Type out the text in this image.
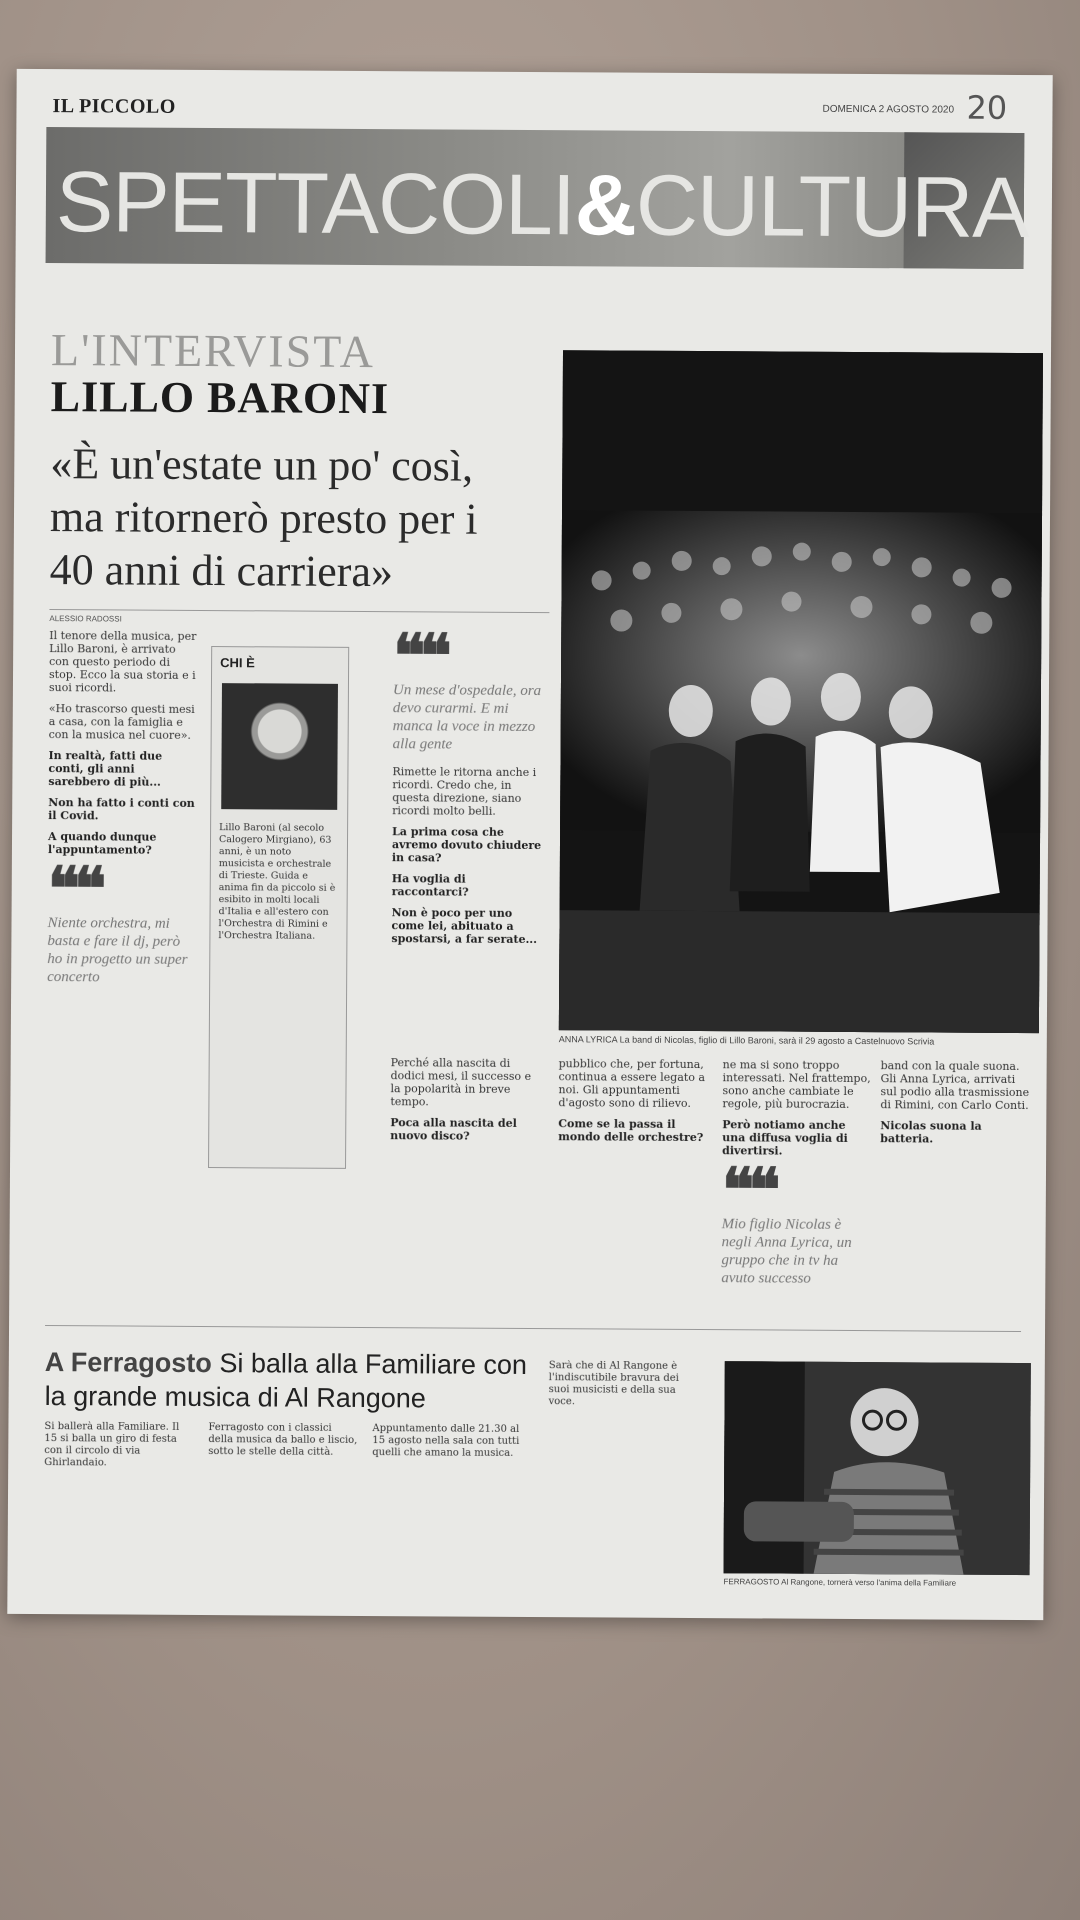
IL PICCOLO	DOMENICA 2 AGOSTO 2020 20
SPETTACOLI&CULTURA
L'INTERVISTA
LILLO BARONI
«È un'estate un po' così, ma ritornerò presto per i 40 anni di carriera»
ALESSIO RADOSSI

Il tenore della musica, per Lillo Baroni, è arrivato con questo periodo di stop. Ecco la sua storia e i suoi ricordi.

«Ho trascorso questi mesi a casa, con la famiglia e con la musica nel cuore».

In realtà, fatti due conti, gli anni sarebbero di più...

Non ha fatto i conti con il Covid.

A quando dunque l'appuntamento?

❝❝
Niente orchestra, mi basta e fare il dj, però ho in progetto un super concerto
CHI È
Lillo Baroni (al secolo Calogero Mirgiano), 63 anni, è un noto musicista e orchestrale di Trieste. Guida e anima fin da piccolo si è esibito in molti locali d'Italia e all'estero con l'Orchestra di Rimini e l'Orchestra Italiana.
❝❝
Un mese d'ospedale, ora devo curarmi. E mi manca la voce in mezzo alla gente

Rimette le ritorna anche i ricordi. Credo che, in questa direzione, siano ricordi molto belli.

La prima cosa che avremo dovuto chiudere in casa?

Ha voglia di raccontarci?

Non è poco per uno come lei, abituato a spostarsi, a far serate...

ANNA LYRICA La band di Nicolas, figlio di Lillo Baroni, sarà il 29 agosto a Castelnuovo Scrivia

Perché alla nascita di dodici mesi, il successo e la popolarità in breve tempo.

Poca alla nascita del nuovo disco?

pubblico che, per fortuna, continua a essere legato a noi. Gli appuntamenti d'agosto sono di rilievo.

Come se la passa il mondo delle orchestre?

ne ma si sono troppo interessati. Nel frattempo, sono anche cambiate le regole, più burocrazia.

Però notiamo anche una diffusa voglia di divertirsi.

❝❝
Mio figlio Nicolas è negli Anna Lyrica, un gruppo che in tv ha avuto successo

band con la quale suona. Gli Anna Lyrica, arrivati sul podio alla trasmissione di Rimini, con Carlo Conti.

Nicolas suona la batteria.

A Ferragosto Si balla alla Familiare con la grande musica di Al Rangone
Si ballerà alla Familiare. Il 15 si balla un giro di festa con il circolo di via Ghirlandaio.
Ferragosto con i classici della musica da ballo e liscio, sotto le stelle della città.
Appuntamento dalle 21.30 al 15 agosto nella sala con tutti quelli che amano la musica.
Sarà che di Al Rangone è l'indiscutibile bravura dei suoi musicisti e della sua voce.
FERRAGOSTO Al Rangone, tornerà verso l'anima della Familiare
